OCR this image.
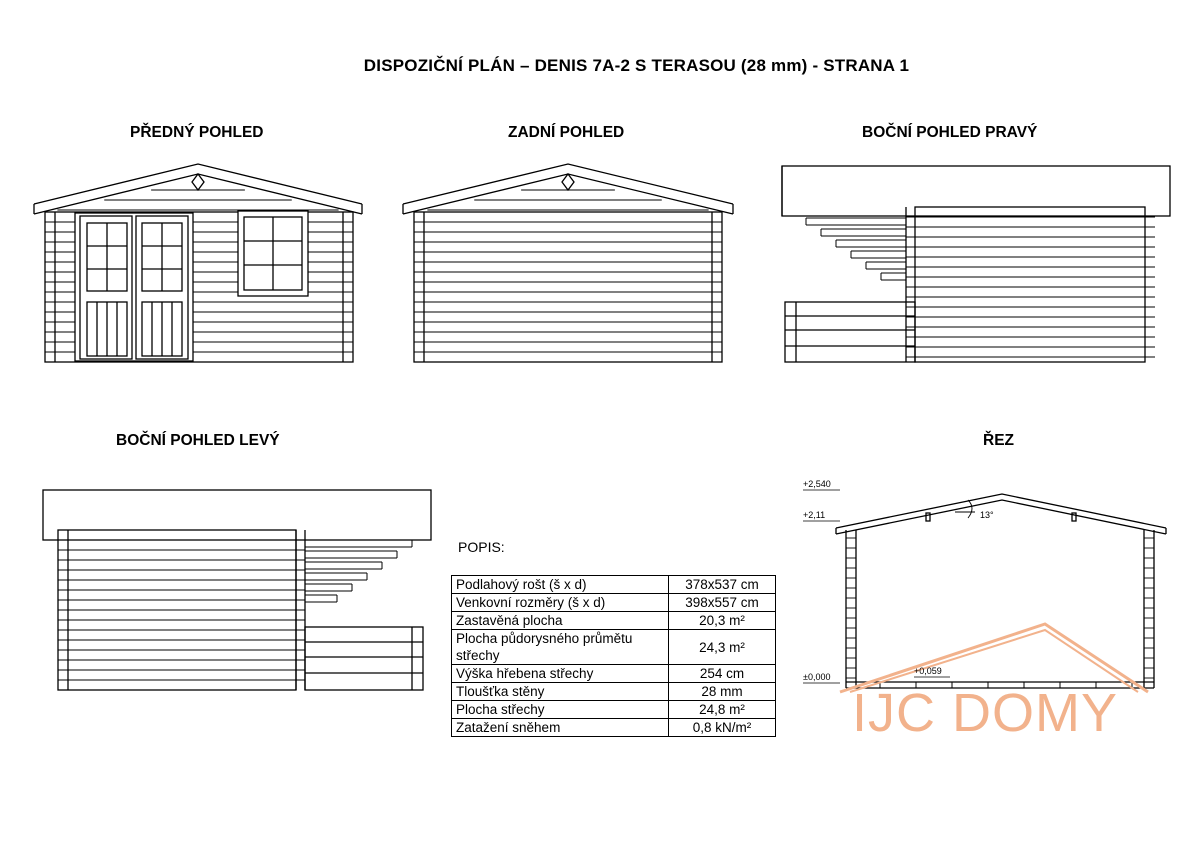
DISPOZIČNÍ PLÁN – DENIS 7A-2 S TERASOU (28 mm) - STRANA 1
PŘEDNÝ POHLED	ZADNÍ POHLED	BOČNÍ POHLED PRAVÝ
BOČNÍ POHLED LEVÝ	ŘEZ
+2,540
+2,11	13°
±0,000
+0,059
IJC DOMY
POPIS:
Podlahový rošt (š x d)	378x537 cm
Venkovní rozměry (š x d)	398x557 cm
Zastavěná plocha	20,3 m²
Plocha půdorysného průmětu střechy	24,3 m²
Výška hřebena střechy	254 cm
Tloušťka stěny	28 mm
Plocha střechy	24,8 m²
Zatažení sněhem	0,8 kN/m²
